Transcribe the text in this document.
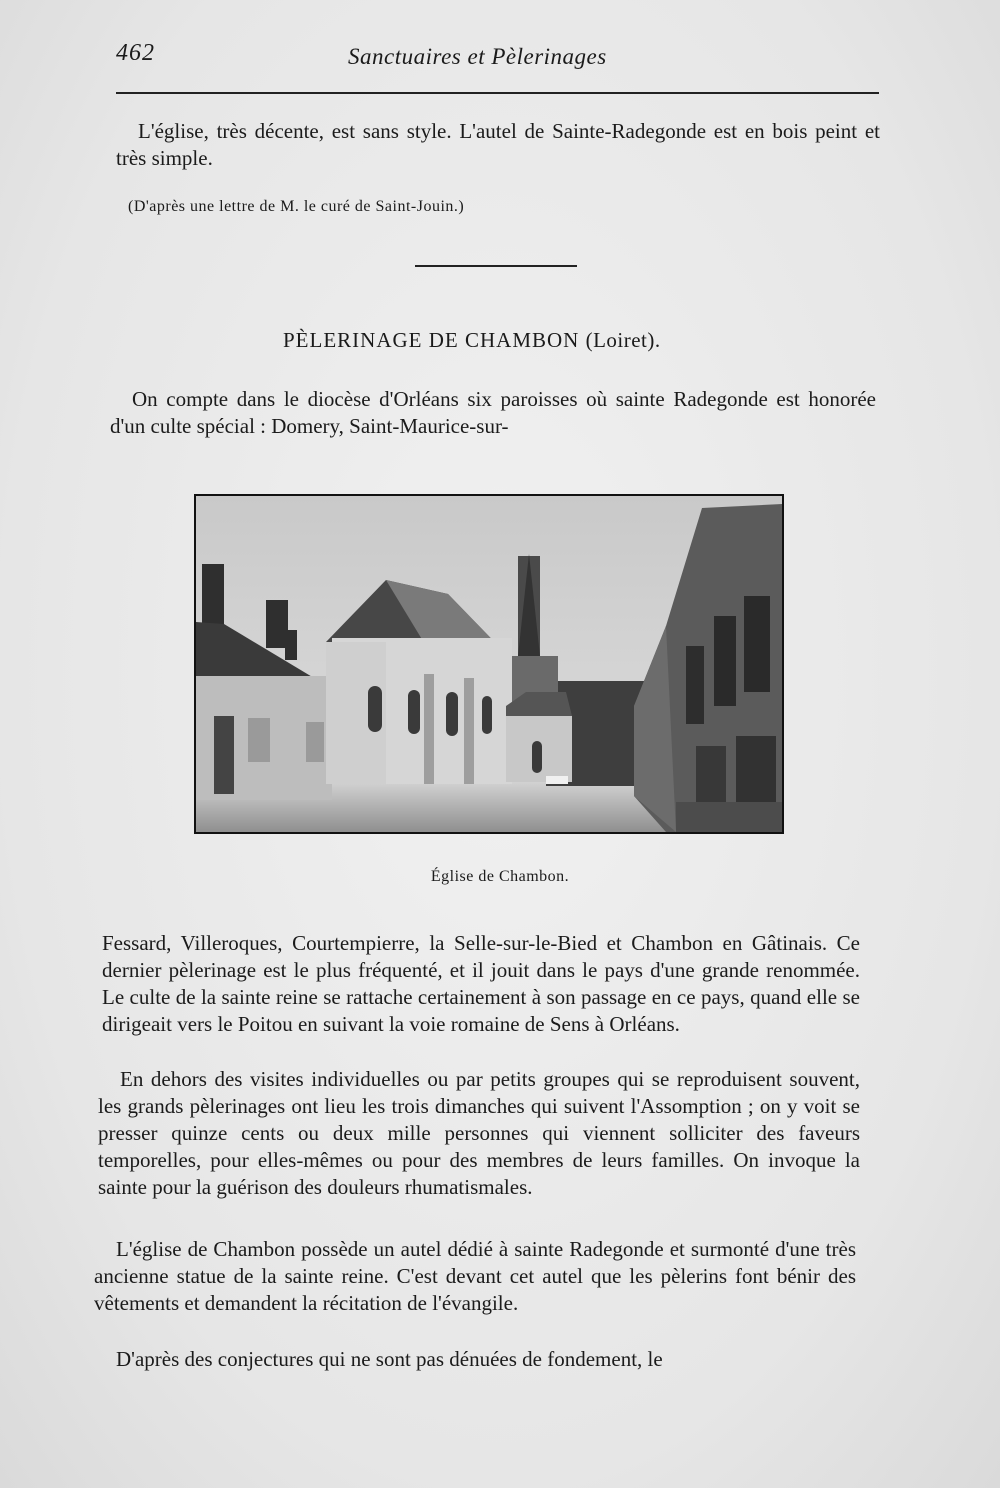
462	Sanctuaires et Pèlerinages
L'église, très décente, est sans style. L'autel de Sainte-Radegonde est en bois peint et très simple.
(D'après une lettre de M. le curé de Saint-Jouin.)
PÈLERINAGE DE CHAMBON (Loiret).
On compte dans le diocèse d'Orléans six paroisses où sainte Radegonde est honorée d'un culte spécial : Domery, Saint-Maurice-sur-
Église de Chambon.
Fessard, Villeroques, Courtempierre, la Selle-sur-le-Bied et Chambon en Gâtinais. Ce dernier pèlerinage est le plus fréquenté, et il jouit dans le pays d'une grande renommée. Le culte de la sainte reine se rattache certainement à son passage en ce pays, quand elle se dirigeait vers le Poitou en suivant la voie romaine de Sens à Orléans.
En dehors des visites individuelles ou par petits groupes qui se reproduisent souvent, les grands pèlerinages ont lieu les trois dimanches qui suivent l'Assomption ; on y voit se presser quinze cents ou deux mille personnes qui viennent solliciter des faveurs temporelles, pour elles-mêmes ou pour des membres de leurs familles. On invoque la sainte pour la guérison des douleurs rhumatismales.
L'église de Chambon possède un autel dédié à sainte Radegonde et surmonté d'une très ancienne statue de la sainte reine. C'est devant cet autel que les pèlerins font bénir des vêtements et demandent la récitation de l'évangile.
D'après des conjectures qui ne sont pas dénuées de fondement, le
